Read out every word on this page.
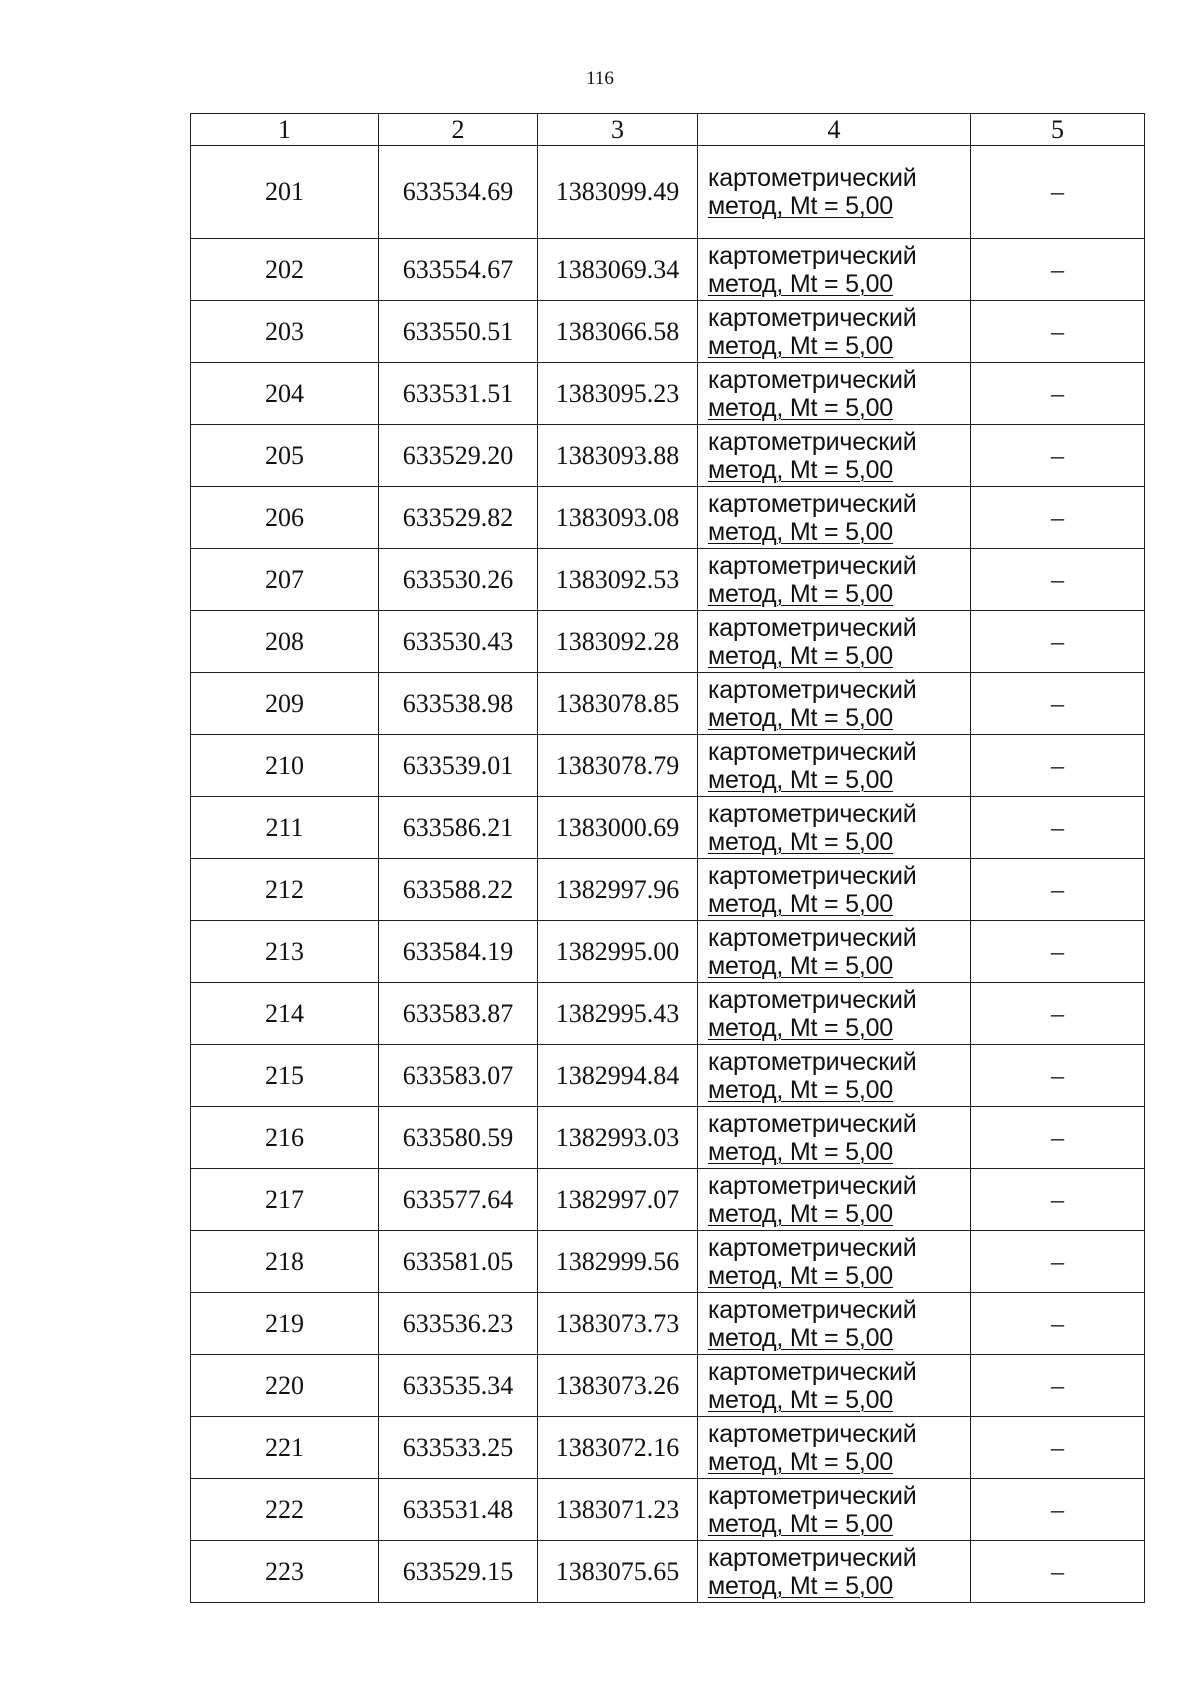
116
1	2	3	4	5
201	633534.69	1383099.49	картометрический
метод, Mt = 5,00	–
202	633554.67	1383069.34	картометрический
метод, Mt = 5,00	–
203	633550.51	1383066.58	картометрический
метод, Mt = 5,00	–
204	633531.51	1383095.23	картометрический
метод, Mt = 5,00	–
205	633529.20	1383093.88	картометрический
метод, Mt = 5,00	–
206	633529.82	1383093.08	картометрический
метод, Mt = 5,00	–
207	633530.26	1383092.53	картометрический
метод, Mt = 5,00	–
208	633530.43	1383092.28	картометрический
метод, Mt = 5,00	–
209	633538.98	1383078.85	картометрический
метод, Mt = 5,00	–
210	633539.01	1383078.79	картометрический
метод, Mt = 5,00	–
211	633586.21	1383000.69	картометрический
метод, Mt = 5,00	–
212	633588.22	1382997.96	картометрический
метод, Mt = 5,00	–
213	633584.19	1382995.00	картометрический
метод, Mt = 5,00	–
214	633583.87	1382995.43	картометрический
метод, Mt = 5,00	–
215	633583.07	1382994.84	картометрический
метод, Mt = 5,00	–
216	633580.59	1382993.03	картометрический
метод, Mt = 5,00	–
217	633577.64	1382997.07	картометрический
метод, Mt = 5,00	–
218	633581.05	1382999.56	картометрический
метод, Mt = 5,00	–
219	633536.23	1383073.73	картометрический
метод, Mt = 5,00	–
220	633535.34	1383073.26	картометрический
метод, Mt = 5,00	–
221	633533.25	1383072.16	картометрический
метод, Mt = 5,00	–
222	633531.48	1383071.23	картометрический
метод, Mt = 5,00	–
223	633529.15	1383075.65	картометрический
метод, Mt = 5,00	–
